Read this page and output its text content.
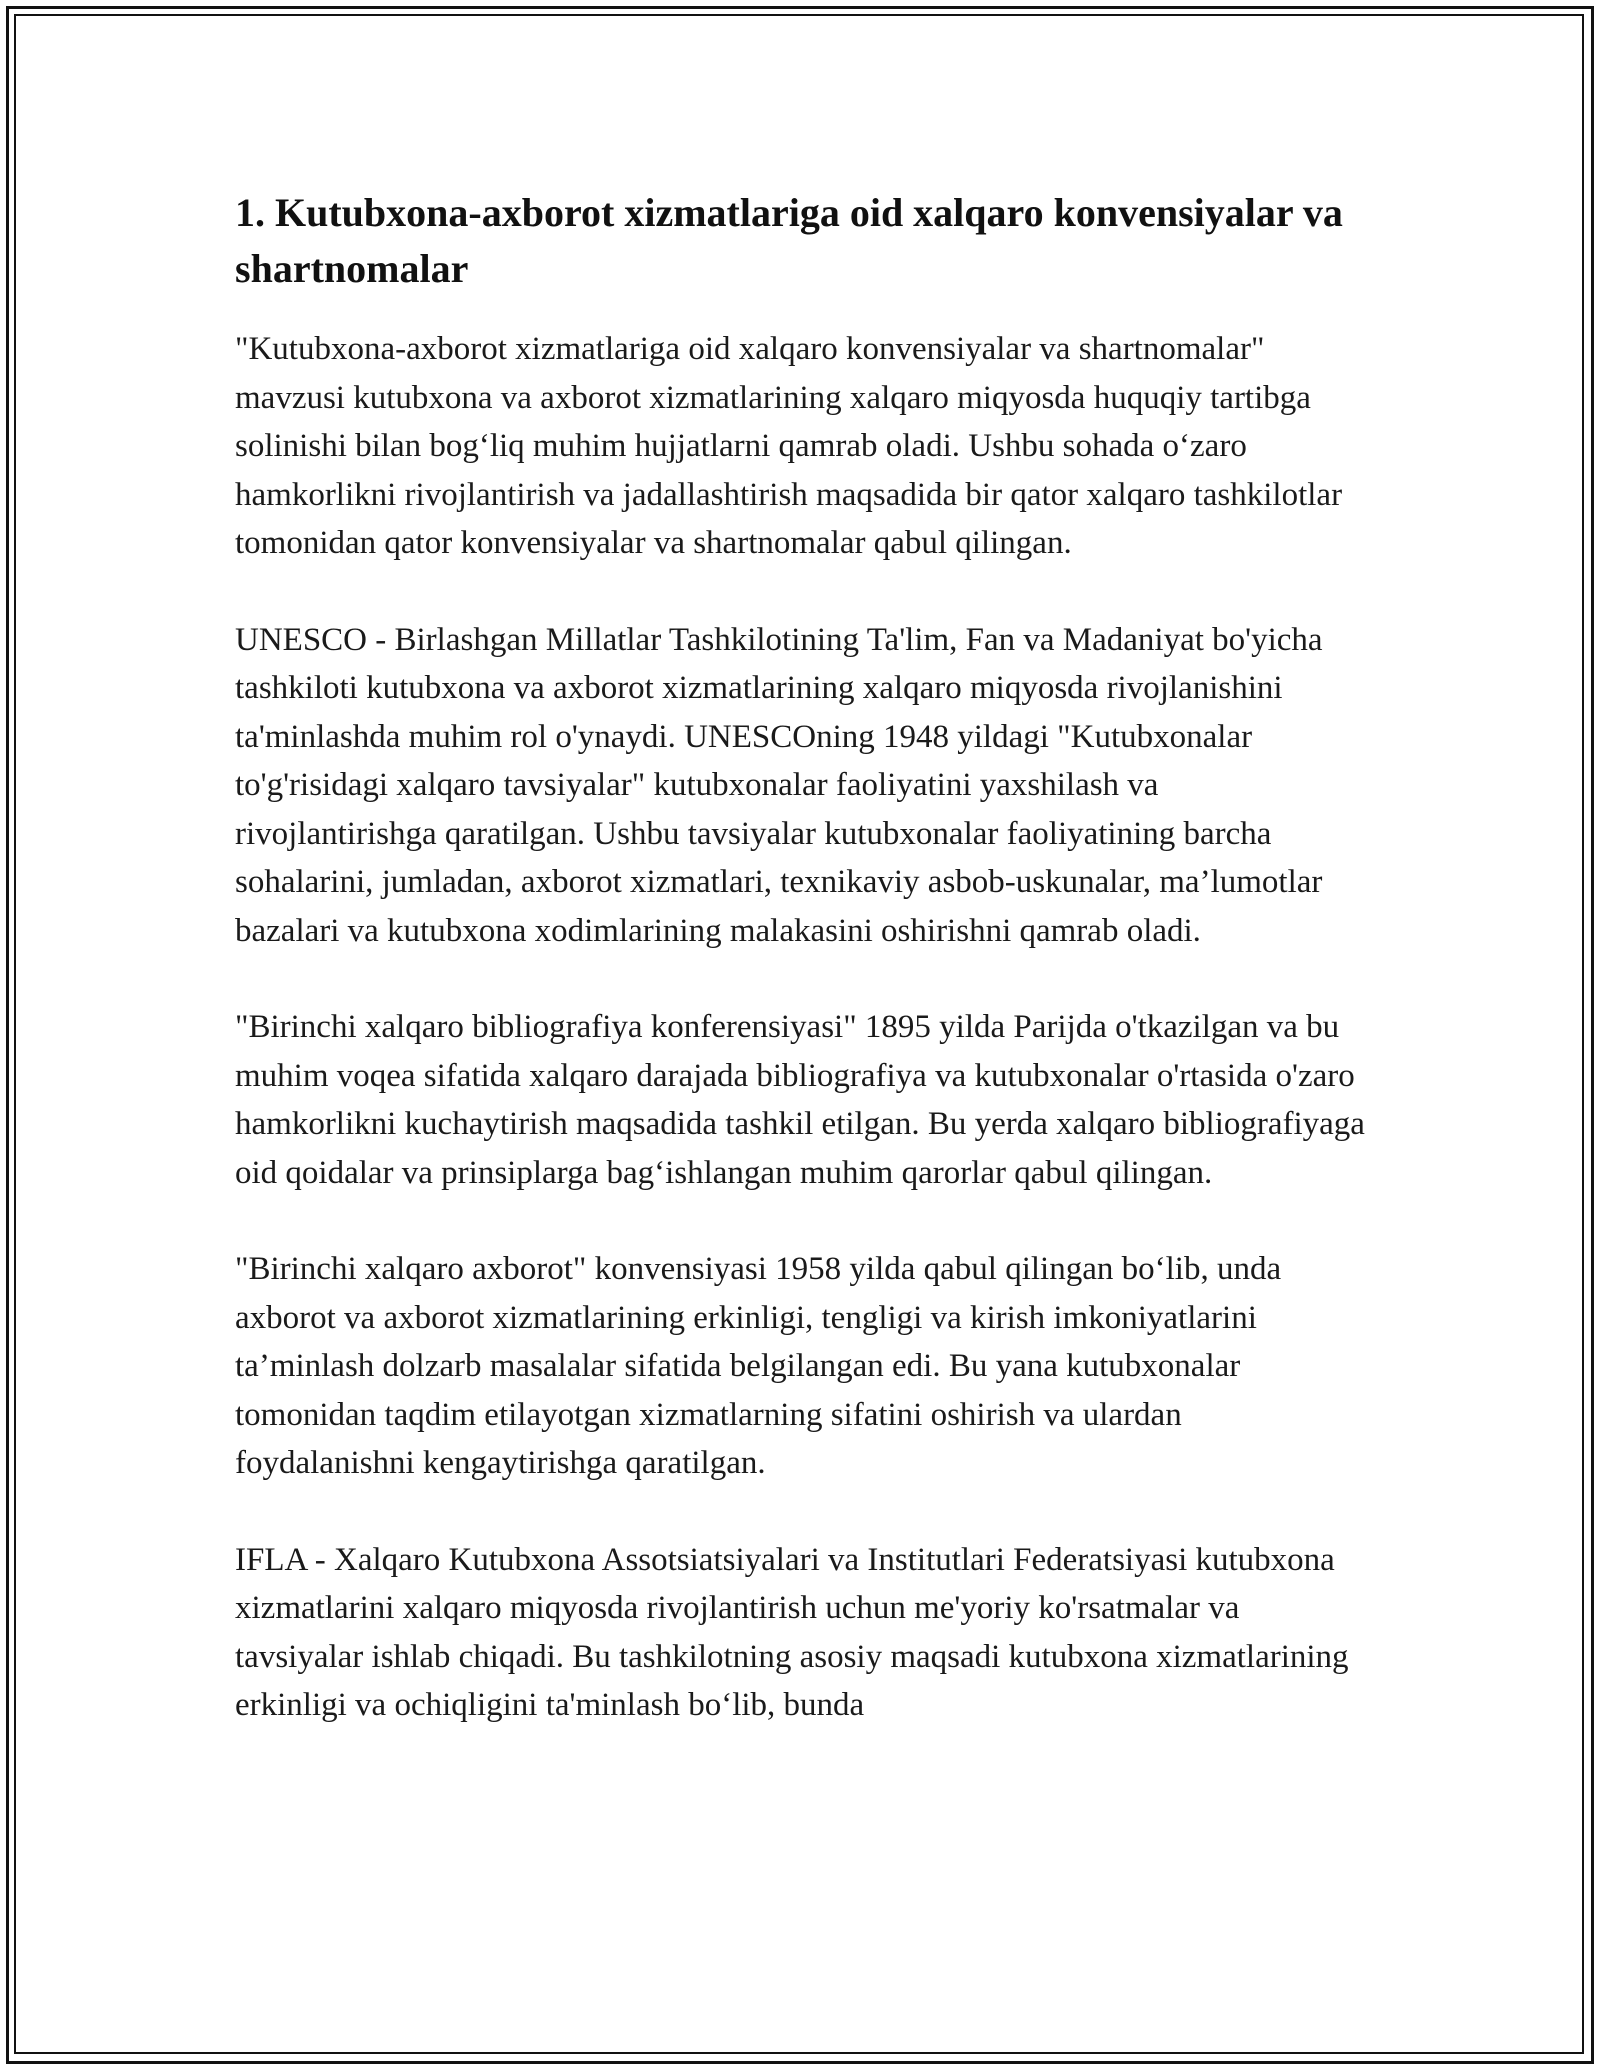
1. Kutubxona-axborot xizmatlariga oid xalqaro konvensiyalar va shartnomalar

"Kutubxona-axborot xizmatlariga oid xalqaro konvensiyalar va shartnomalar" mavzusi kutubxona va axborot xizmatlarining xalqaro miqyosda huquqiy tartibga solinishi bilan bog‘liq muhim hujjatlarni qamrab oladi. Ushbu sohada o‘zaro hamkorlikni rivojlantirish va jadallashtirish maqsadida bir qator xalqaro tashkilotlar tomonidan qator konvensiyalar va shartnomalar qabul qilingan.

UNESCO - Birlashgan Millatlar Tashkilotining Ta'lim, Fan va Madaniyat bo'yicha tashkiloti kutubxona va axborot xizmatlarining xalqaro miqyosda rivojlanishini ta'minlashda muhim rol o'ynaydi. UNESCOning 1948 yildagi "Kutubxonalar to'g'risidagi xalqaro tavsiyalar" kutubxonalar faoliyatini yaxshilash va rivojlantirishga qaratilgan. Ushbu tavsiyalar kutubxonalar faoliyatining barcha sohalarini, jumladan, axborot xizmatlari, texnikaviy asbob-uskunalar, ma’lumotlar bazalari va kutubxona xodimlarining malakasini oshirishni qamrab oladi.

"Birinchi xalqaro bibliografiya konferensiyasi" 1895 yilda Parijda o'tkazilgan va bu muhim voqea sifatida xalqaro darajada bibliografiya va kutubxonalar o'rtasida o'zaro hamkorlikni kuchaytirish maqsadida tashkil etilgan. Bu yerda xalqaro bibliografiyaga oid qoidalar va prinsiplarga bag‘ishlangan muhim qarorlar qabul qilingan.

"Birinchi xalqaro axborot" konvensiyasi 1958 yilda qabul qilingan bo‘lib, unda axborot va axborot xizmatlarining erkinligi, tengligi va kirish imkoniyatlarini ta’minlash dolzarb masalalar sifatida belgilangan edi. Bu yana kutubxonalar tomonidan taqdim etilayotgan xizmatlarning sifatini oshirish va ulardan foydalanishni kengaytirishga qaratilgan.

IFLA - Xalqaro Kutubxona Assotsiatsiyalari va Institutlari Federatsiyasi kutubxona xizmatlarini xalqaro miqyosda rivojlantirish uchun me'yoriy ko'rsatmalar va tavsiyalar ishlab chiqadi. Bu tashkilotning asosiy maqsadi kutubxona xizmatlarining erkinligi va ochiqligini ta'minlash bo‘lib, bunda
